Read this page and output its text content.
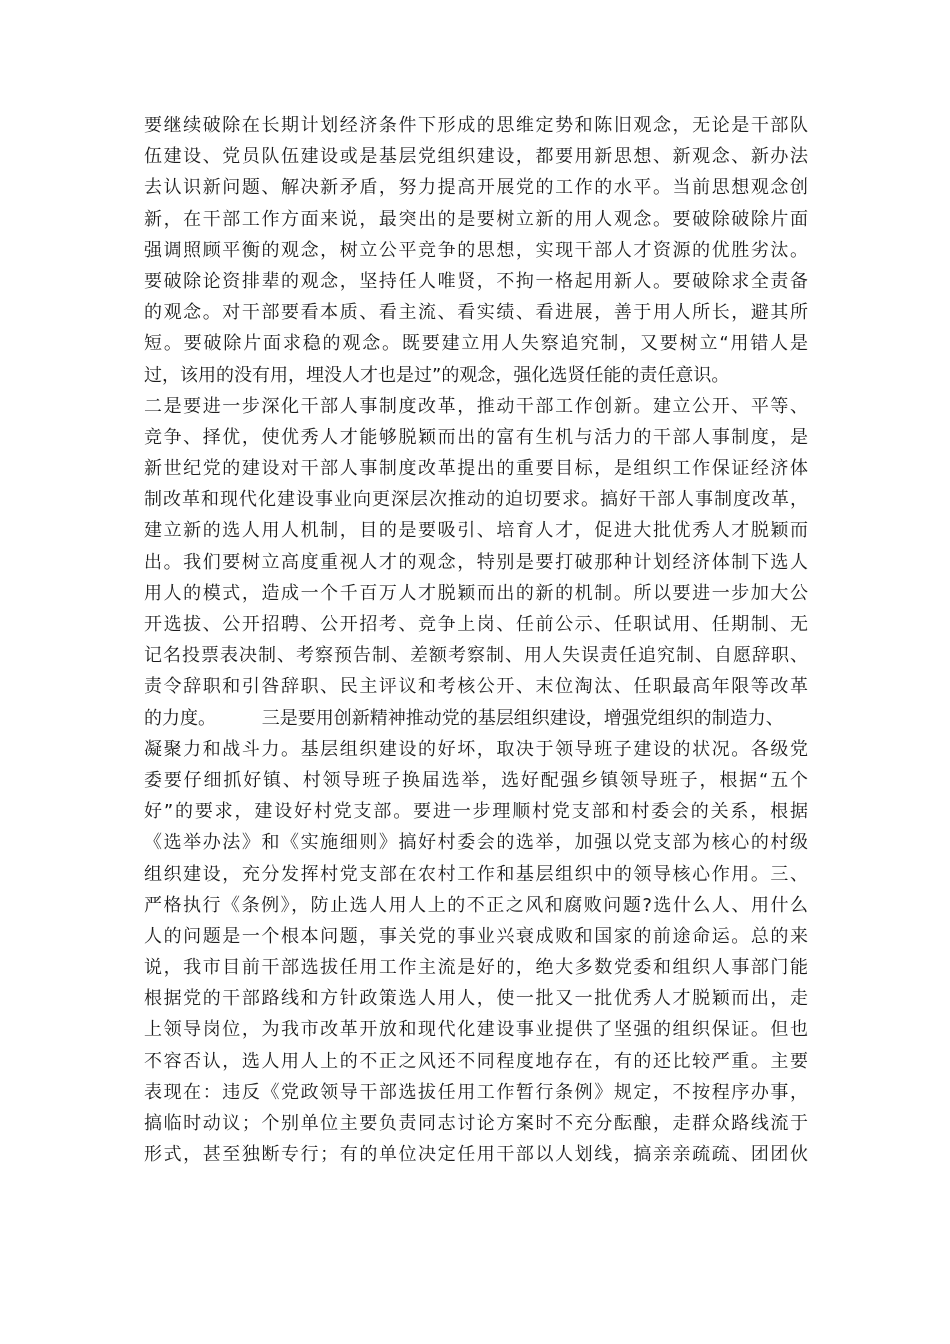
要继续破除在长期计划经济条件下形成的思维定势和陈旧观念，无论是干部队
伍建设、党员队伍建设或是基层党组织建设，都要用新思想、新观念、新办法
去认识新问题、解决新矛盾，努力提高开展党的工作的水平。当前思想观念创
新，在干部工作方面来说，最突出的是要树立新的用人观念。要破除破除片面
强调照顾平衡的观念，树立公平竞争的思想，实现干部人才资源的优胜劣汰。
要破除论资排辈的观念，坚持任人唯贤，不拘一格起用新人。要破除求全责备
的观念。对干部要看本质、看主流、看实绩、看进展，善于用人所长，避其所
短。要破除片面求稳的观念。既要建立用人失察追究制，又要树立“用错人是
过，该用的没有用，埋没人才也是过”的观念，强化选贤任能的责任意识。
二是要进一步深化干部人事制度改革，推动干部工作创新。建立公开、平等、
竞争、择优，使优秀人才能够脱颖而出的富有生机与活力的干部人事制度，是
新世纪党的建设对干部人事制度改革提出的重要目标，是组织工作保证经济体
制改革和现代化建设事业向更深层次推动的迫切要求。搞好干部人事制度改革，
建立新的选人用人机制，目的是要吸引、培育人才，促进大批优秀人才脱颖而
出。我们要树立高度重视人才的观念，特别是要打破那种计划经济体制下选人
用人的模式，造成一个千百万人才脱颖而出的新的机制。所以要进一步加大公
开选拔、公开招聘、公开招考、竞争上岗、任前公示、任职试用、任期制、无
记名投票表决制、考察预告制、差额考察制、用人失误责任追究制、自愿辞职、
责令辞职和引咎辞职、民主评议和考核公开、末位淘汰、任职最高年限等改革
的力度。        三是要用创新精神推动党的基层组织建设，增强党组织的制造力、
凝聚力和战斗力。基层组织建设的好坏，取决于领导班子建设的状况。各级党
委要仔细抓好镇、村领导班子换届选举，选好配强乡镇领导班子，根据“五个
好”的要求，建设好村党支部。要进一步理顺村党支部和村委会的关系，根据
《选举办法》和《实施细则》搞好村委会的选举，加强以党支部为核心的村级
组织建设，充分发挥村党支部在农村工作和基层组织中的领导核心作用。三、
严格执行《条例》，防止选人用人上的不正之风和腐败问题?选什么人、用什么
人的问题是一个根本问题，事关党的事业兴衰成败和国家的前途命运。总的来
说，我市目前干部选拔任用工作主流是好的，绝大多数党委和组织人事部门能
根据党的干部路线和方针政策选人用人，使一批又一批优秀人才脱颖而出，走
上领导岗位，为我市改革开放和现代化建设事业提供了坚强的组织保证。但也
不容否认，选人用人上的不正之风还不同程度地存在，有的还比较严重。主要
表现在：违反《党政领导干部选拔任用工作暂行条例》规定，不按程序办事，
搞临时动议；个别单位主要负责同志讨论方案时不充分酝酿，走群众路线流于
形式，甚至独断专行；有的单位决定任用干部以人划线，搞亲亲疏疏、团团伙
